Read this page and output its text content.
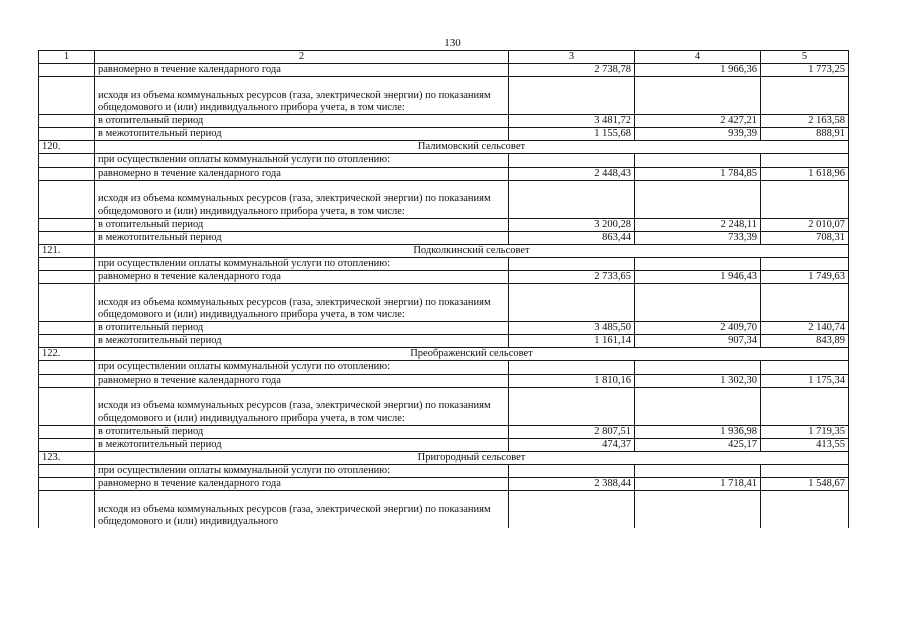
130
1	2	3	4	5
	равномерно в течение календарного года	2 738,78	1 966,36	1 773,25
	исходя из объема коммунальных ресурсов (газа, электрической энергии) по показаниям общедомового и (или) индивидуального прибора учета, в том числе:			
	в отопительный период	3 481,72	2 427,21	2 163,58
	в межотопительный период	1 155,68	939,39	888,91
120.	Палимовский сельсовет			
	при осуществлении оплаты коммунальной услуги по отоплению:			
	равномерно в течение календарного года	2 448,43	1 784,85	1 618,96
	исходя из объема коммунальных ресурсов (газа, электрической энергии) по показаниям общедомового и (или) индивидуального прибора учета, в том числе:			
	в отопительный период	3 200,28	2 248,11	2 010,07
	в межотопительный период	863,44	733,39	708,31
121.	Подколкинский сельсовет			
	при осуществлении оплаты коммунальной услуги по отоплению:			
	равномерно в течение календарного года	2 733,65	1 946,43	1 749,63
	исходя из объема коммунальных ресурсов (газа, электрической энергии) по показаниям общедомового и (или) индивидуального прибора учета, в том числе:			
	в отопительный период	3 485,50	2 409,70	2 140,74
	в межотопительный период	1 161,14	907,34	843,89
122.	Преображенский сельсовет			
	при осуществлении оплаты коммунальной услуги по отоплению:			
	равномерно в течение календарного года	1 810,16	1 302,30	1 175,34
	исходя из объема коммунальных ресурсов (газа, электрической энергии) по показаниям общедомового и (или) индивидуального прибора учета, в том числе:			
	в отопительный период	2 807,51	1 936,98	1 719,35
	в межотопительный период	474,37	425,17	413,55
123.	Пригородный сельсовет			
	при осуществлении оплаты коммунальной услуги по отоплению:			
	равномерно в течение календарного года	2 388,44	1 718,41	1 548,67
	исходя из объема коммунальных ресурсов (газа, электрической энергии) по показаниям общедомового и (или) индивидуального			
